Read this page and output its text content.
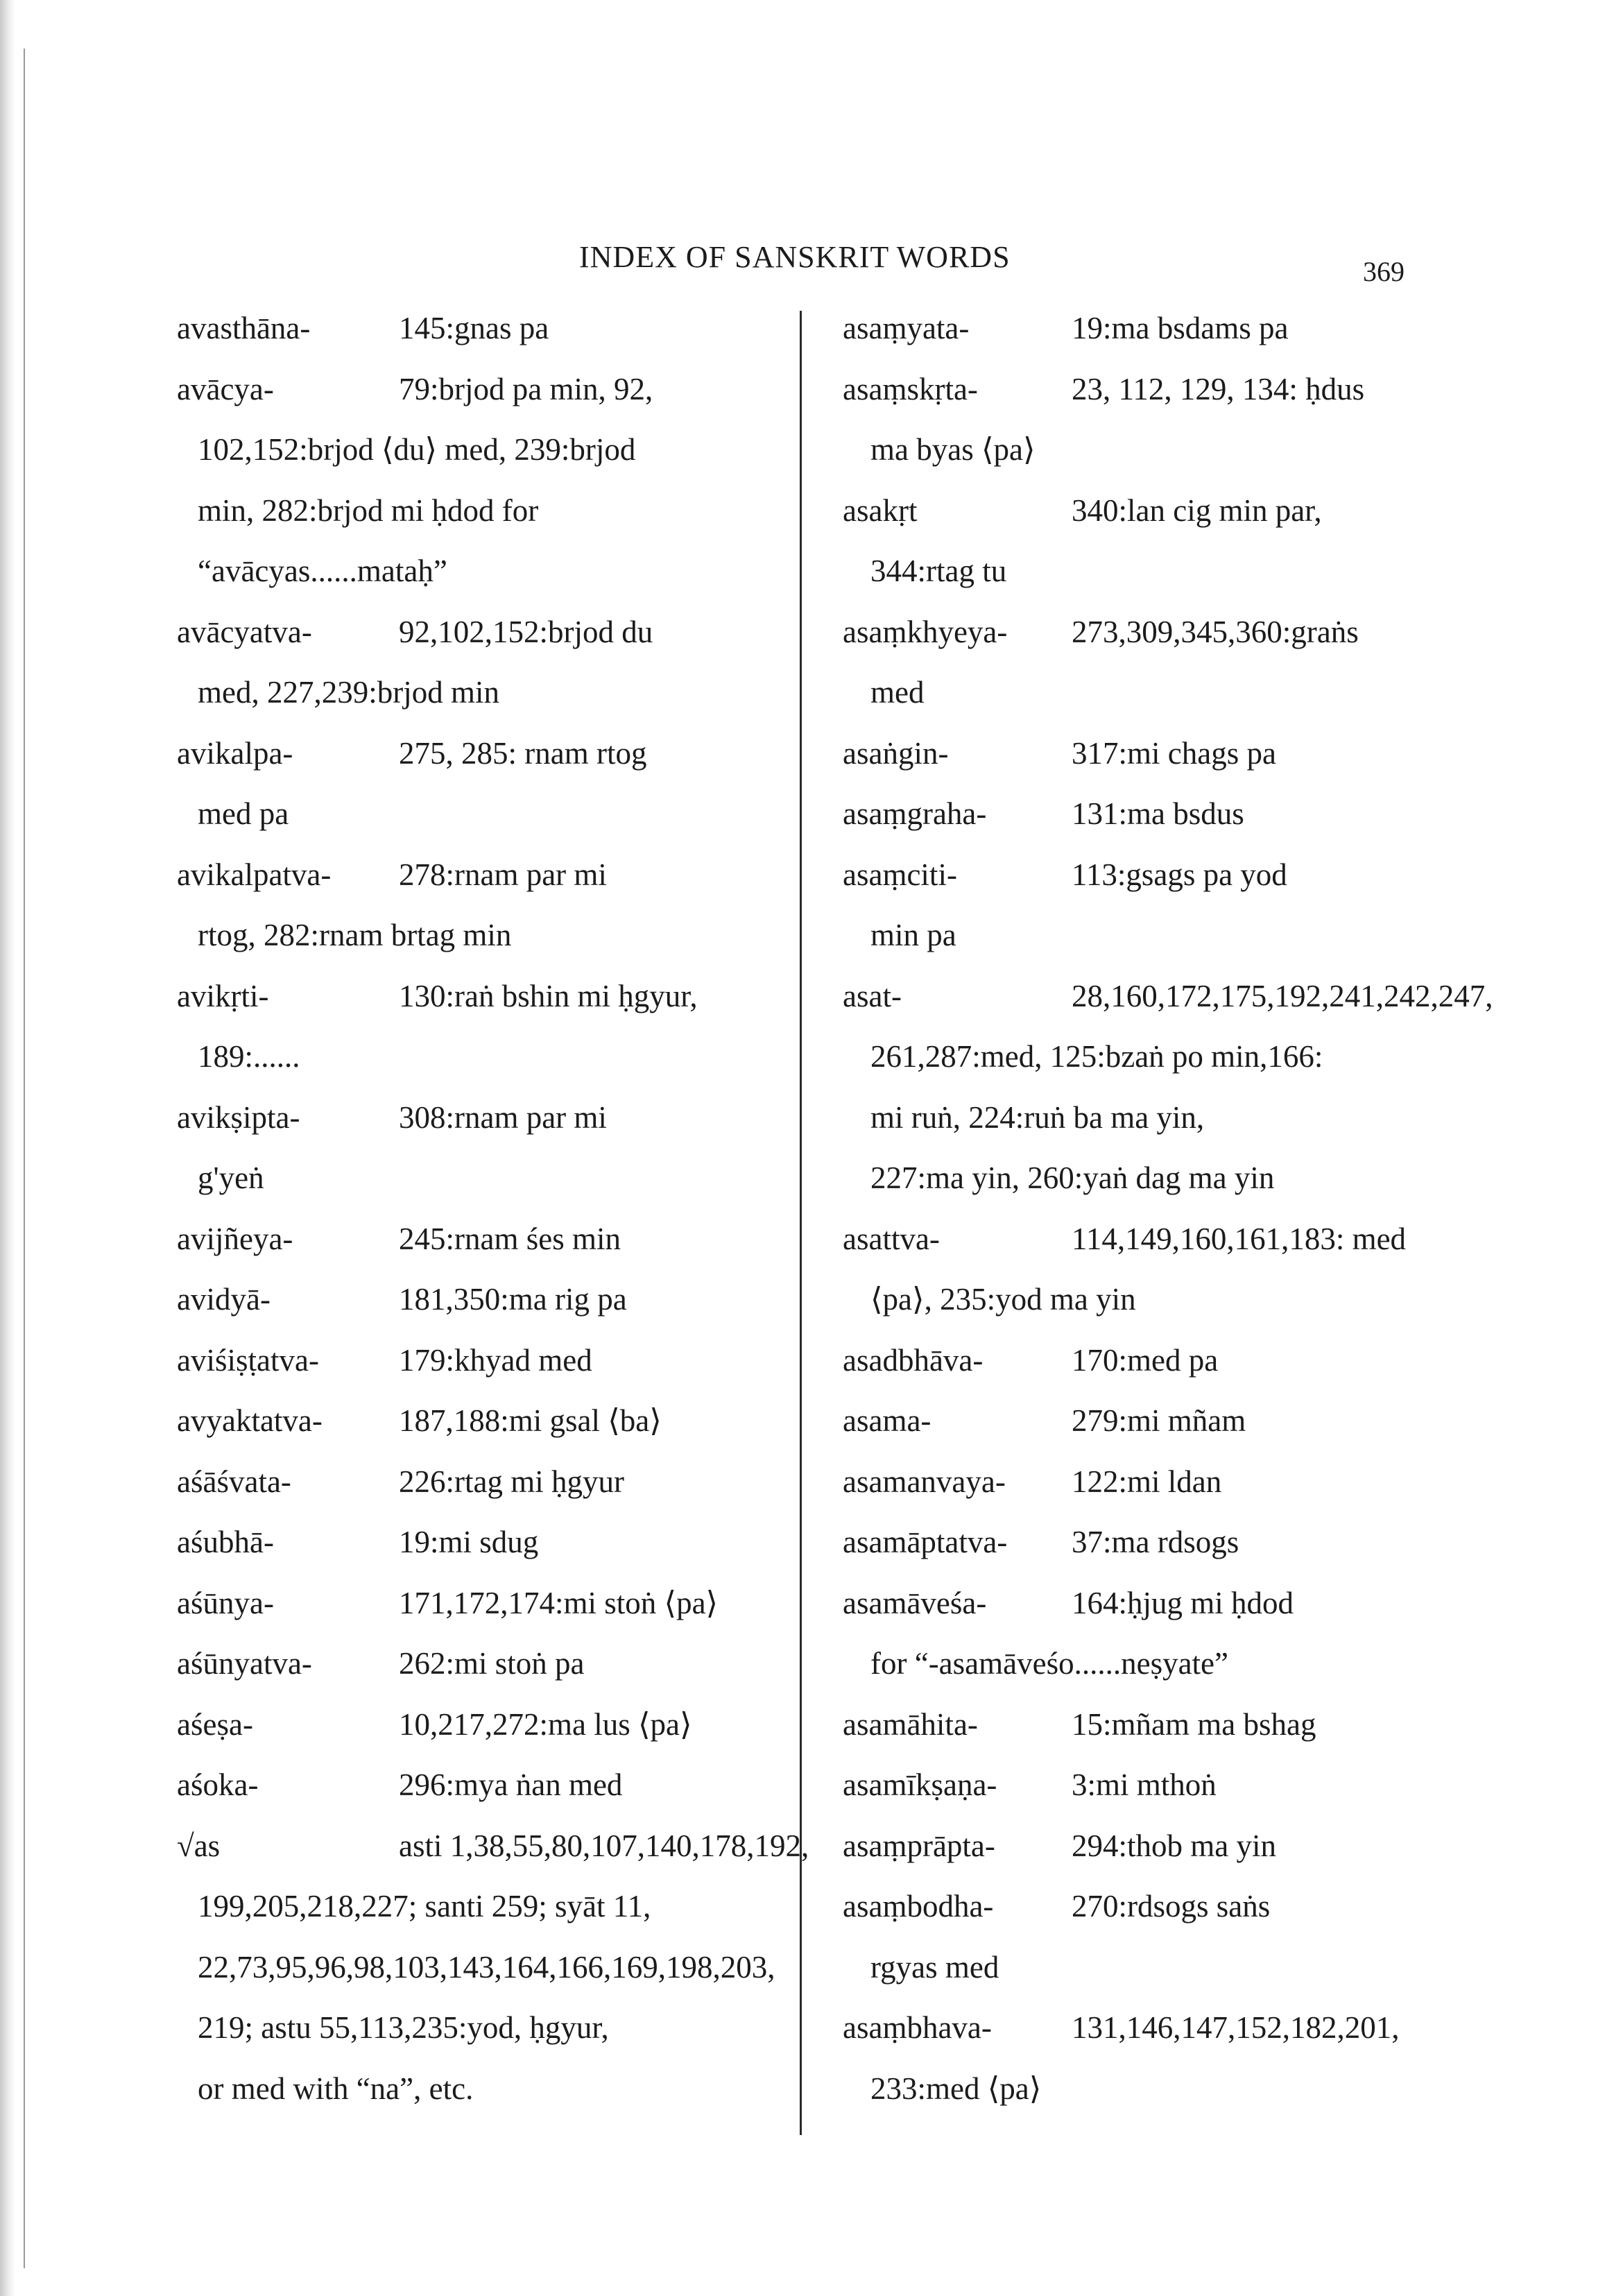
INDEX OF SANSKRIT WORDS	369
avasthāna-	145:gnas pa
avācya-	79:brjod pa min, 92,
102,152:brjod ⟨du⟩ med, 239:brjod
min, 282:brjod mi ḥdod for
“avācyas......mataḥ”
avācyatva-	92,102,152:brjod du
med, 227,239:brjod min
avikalpa-	275, 285: rnam rtog
med pa
avikalpatva- 278:rnam par mi
rtog, 282:rnam brtag min
avikṛti-	130:raṅ bshin mi ḥgyur,
189:......
avikṣipta-	308:rnam par mi
g'yeṅ
avijñeya-	245:rnam śes min
avidyā-	181,350:ma rig pa
aviśiṣṭatva-	179:khyad med
avyaktatva- 187,188:mi gsal ⟨ba⟩
aśāśvata-	226:rtag mi ḥgyur
aśubhā-	19:mi sdug
aśūnya-	171,172,174:mi stoṅ ⟨pa⟩
aśūnyatva-	262:mi stoṅ pa
aśeṣa-	10,217,272:ma lus ⟨pa⟩
aśoka-	296:mya ṅan med
√as	asti 1,38,55,80,107,140,178,192,
199,205,218,227; santi 259; syāt 11,
22,73,95,96,98,103,143,164,166,169,198,203,
219; astu 55,113,235:yod, ḥgyur,
or med with “na”, etc.
asaṃyata-	19:ma bsdams pa
asaṃskṛta-	23, 112, 129, 134: ḥdus
ma byas ⟨pa⟩
asakṛt	340:lan cig min par,
344:rtag tu
asaṃkhyeya- 273,309,345,360:graṅs
med
asaṅgin-	317:mi chags pa
asaṃgraha-	131:ma bsdus
asaṃciti-	113:gsags pa yod
min pa
asat-	28,160,172,175,192,241,242,247,
261,287:med, 125:bzaṅ po min,166:
mi ruṅ, 224:ruṅ ba ma yin,
227:ma yin, 260:yaṅ dag ma yin
asattva-	114,149,160,161,183: med
⟨pa⟩, 235:yod ma yin
asadbhāva-	170:med pa
asama-	279:mi mñam
asamanvaya- 122:mi ldan
asamāptatva- 37:ma rdsogs
asamāveśa-	164:ḥjug mi ḥdod
for “-asamāveśo......neṣyate”
asamāhita-	15:mñam ma bshag
asamīkṣaṇa- 3:mi mthoṅ
asaṃprāpta- 294:thob ma yin
asaṃbodha-	270:rdsogs saṅs
rgyas med
asaṃbhava-	131,146,147,152,182,201,
233:med ⟨pa⟩
